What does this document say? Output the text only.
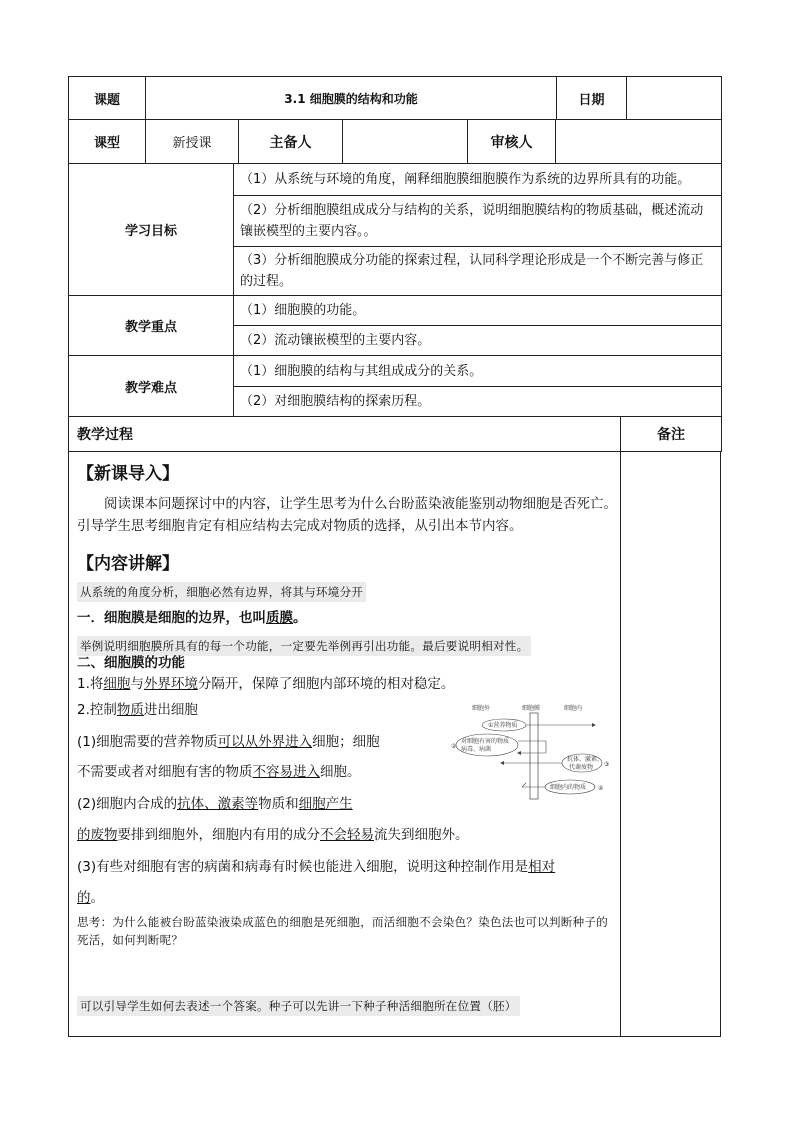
课题	3.1 细胞膜的结构和功能	日期	
课型	新授课	主备人		审核人	
学习目标	（1）从系统与环境的角度，阐释细胞膜细胞膜作为系统的边界所具有的功能。
	（2）分析细胞膜组成成分与结构的关系，说明细胞膜结构的物质基础，概述流动镶嵌模型的主要内容。。
	（3）分析细胞膜成分功能的探索过程，认同科学理论形成是一个不断完善与修正的过程。
教学重点	（1）细胞膜的功能。
	（2）流动镶嵌模型的主要内容。
教学难点	（1）细胞膜的结构与其组成成分的关系。
	（2）对细胞膜结构的探索历程。
教学过程	备注
【新课导入】
阅读课本问题探讨中的内容，让学生思考为什么台盼蓝染液能鉴别动物细胞是否死亡。引导学生思考细胞肯定有相应结构去完成对物质的选择，从引出本节内容。
【内容讲解】
从系统的角度分析，细胞必然有边界，将其与环境分开
一．细胞膜是细胞的边界，也叫质膜。
举例说明细胞膜所具有的每一个功能，一定要先举例再引出功能。最后要说明相对性。
二、细胞膜的功能
1.将细胞与外界环境分隔开，保障了细胞内部环境的相对稳定。
2.控制物质进出细胞
(1)细胞需要的营养物质可以从外界进入细胞；细胞
不需要或者对细胞有害的物质不容易进入细胞。
(2)细胞内合成的抗体、激素等物质和细胞产生
的废物要排到细胞外，细胞内有用的成分不会轻易流失到细胞外。
(3)有些对细胞有害的病菌和病毒有时候也能进入细胞，说明这种控制作用是相对
的。
思考：为什么能被台盼蓝染液染成蓝色的细胞是死细胞，而活细胞不会染色？染色法也可以判断种子的死活，如何判断呢？
可以引导学生如何去表述一个答案。种子可以先讲一下种子种活细胞所在位置（胚）
细胞外	细胞膜	细胞内
①营养物质
对细胞有害的物质
病毒、病菌
②
抗体、激素、
代谢废物 ③
细胞内的物质 ④
